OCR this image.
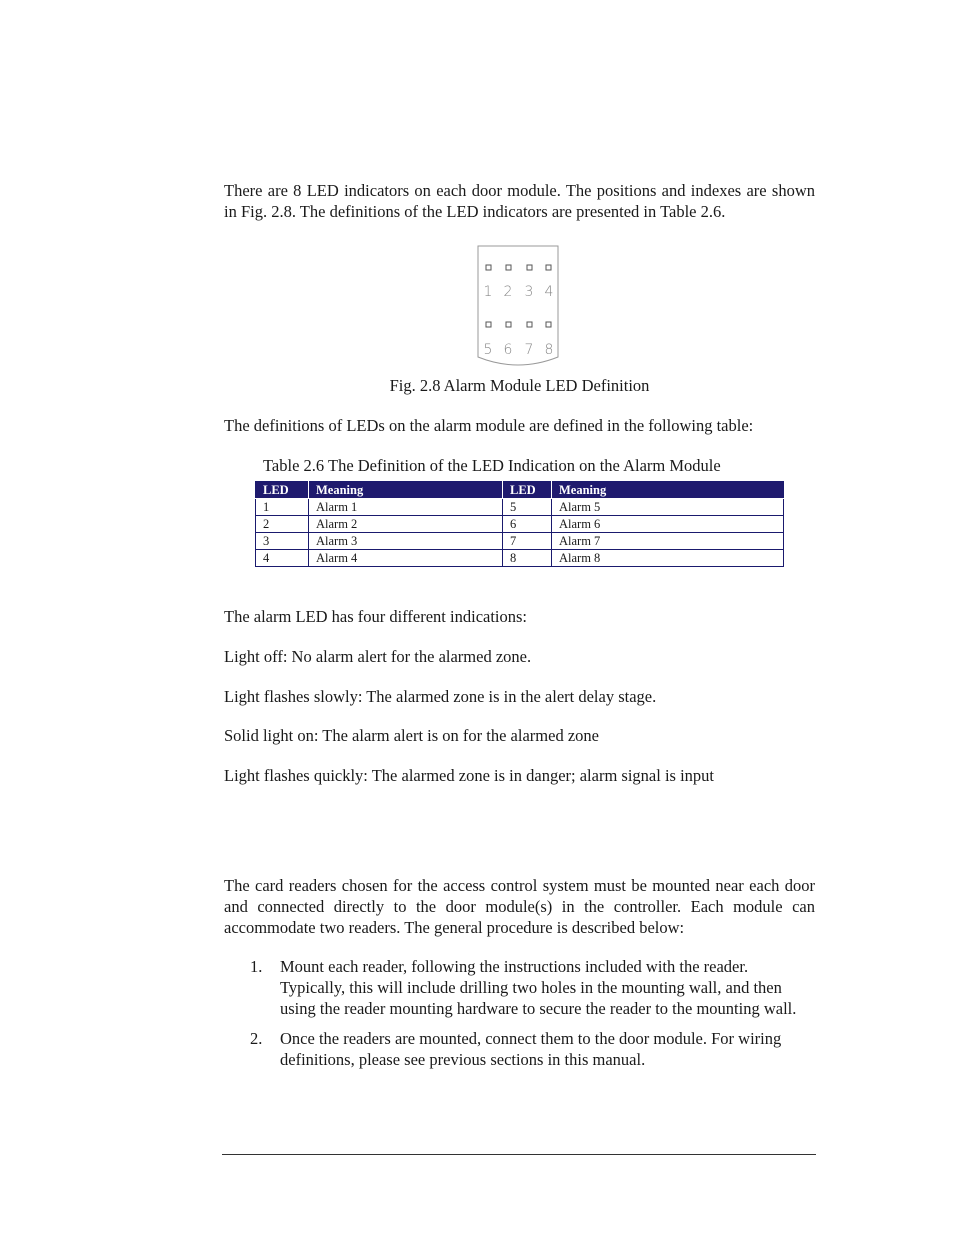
There are 8 LED indicators on each door module. The positions and indexes are shown in Fig. 2.8. The definitions of the LED indicators are presented in Table 2.6.

1 2 3 4
5 6 7 8

Fig. 2.8 Alarm Module LED Definition

The definitions of LEDs on the alarm module are defined in the following table:

Table 2.6 The Definition of the LED Indication on the Alarm Module

LED	Meaning	LED	Meaning
1	Alarm 1	5	Alarm 5
2	Alarm 2	6	Alarm 6
3	Alarm 3	7	Alarm 7
4	Alarm 4	8	Alarm 8

The alarm LED has four different indications:

Light off: No alarm alert for the alarmed zone.

Light flashes slowly: The alarmed zone is in the alert delay stage.

Solid light on: The alarm alert is on for the alarmed zone

Light flashes quickly: The alarmed zone is in danger; alarm signal is input

The card readers chosen for the access control system must be mounted near each door and connected directly to the door module(s) in the controller. Each module can accommodate two readers. The general procedure is described below:

1. Mount each reader, following the instructions included with the reader. Typically, this will include drilling two holes in the mounting wall, and then using the reader mounting hardware to secure the reader to the mounting wall.
2. Once the readers are mounted, connect them to the door module. For wiring definitions, please see previous sections in this manual.
